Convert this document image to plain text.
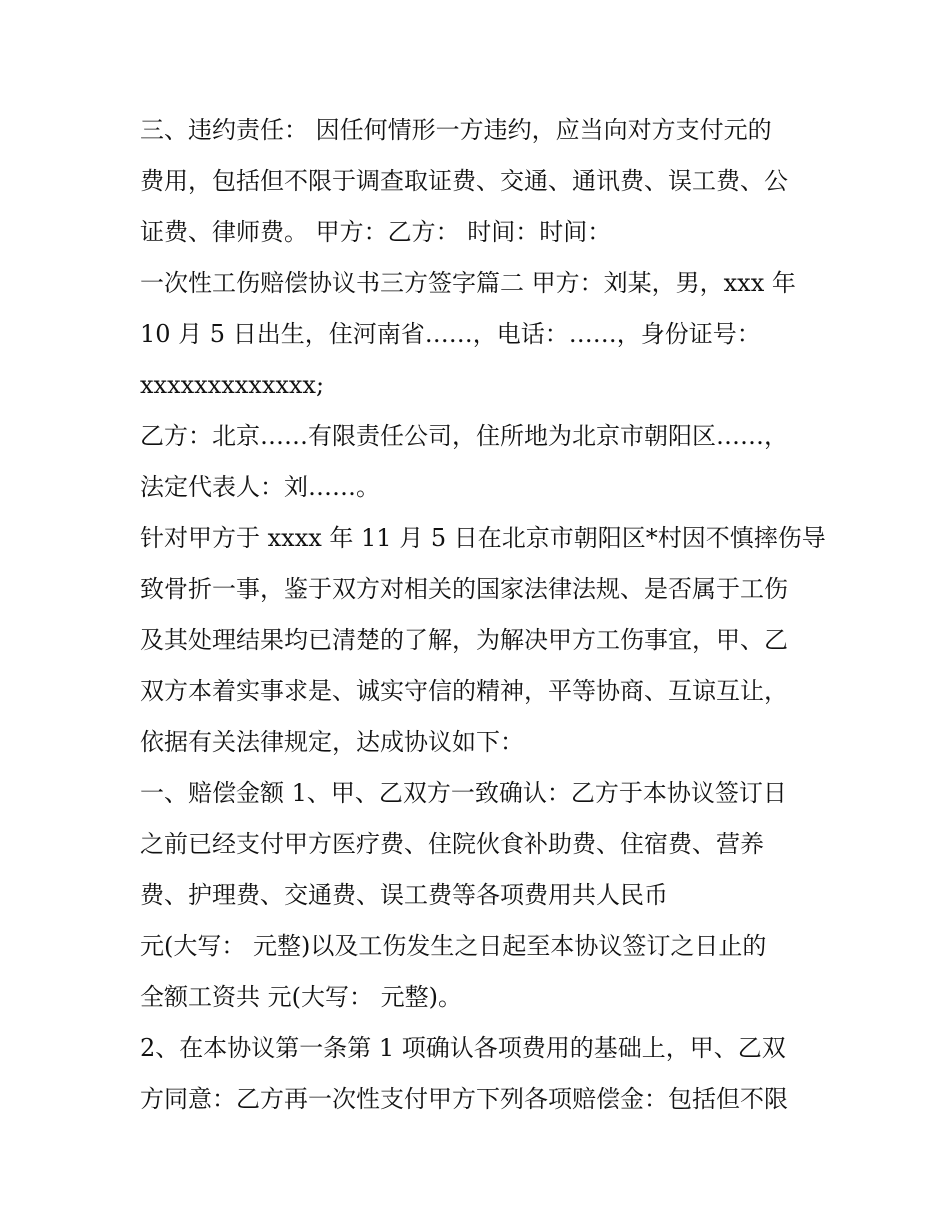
三、违约责任： 因任何情形一方违约，应当向对方支付元的
费用，包括但不限于调查取证费、交通、通讯费、误工费、公
证费、律师费。 甲方：乙方： 时间：时间：
一次性工伤赔偿协议书三方签字篇二 甲方：刘某，男，xxx 年
10 月 5 日出生，住河南省……，电话：……，身份证号：
xxxxxxxxxxxxx;
乙方：北京……有限责任公司，住所地为北京市朝阳区……，
法定代表人：刘……。
针对甲方于 xxxx 年 11 月 5 日在北京市朝阳区*村因不慎摔伤导
致骨折一事，鉴于双方对相关的国家法律法规、是否属于工伤
及其处理结果均已清楚的了解，为解决甲方工伤事宜，甲、乙
双方本着实事求是、诚实守信的精神，平等协商、互谅互让，
依据有关法律规定，达成协议如下：
一、赔偿金额 1、甲、乙双方一致确认：乙方于本协议签订日
之前已经支付甲方医疗费、住院伙食补助费、住宿费、营养
费、护理费、交通费、误工费等各项费用共人民币
元(大写： 元整)以及工伤发生之日起至本协议签订之日止的
全额工资共 元(大写： 元整)。
2、在本协议第一条第 1 项确认各项费用的基础上，甲、乙双
方同意：乙方再一次性支付甲方下列各项赔偿金：包括但不限
